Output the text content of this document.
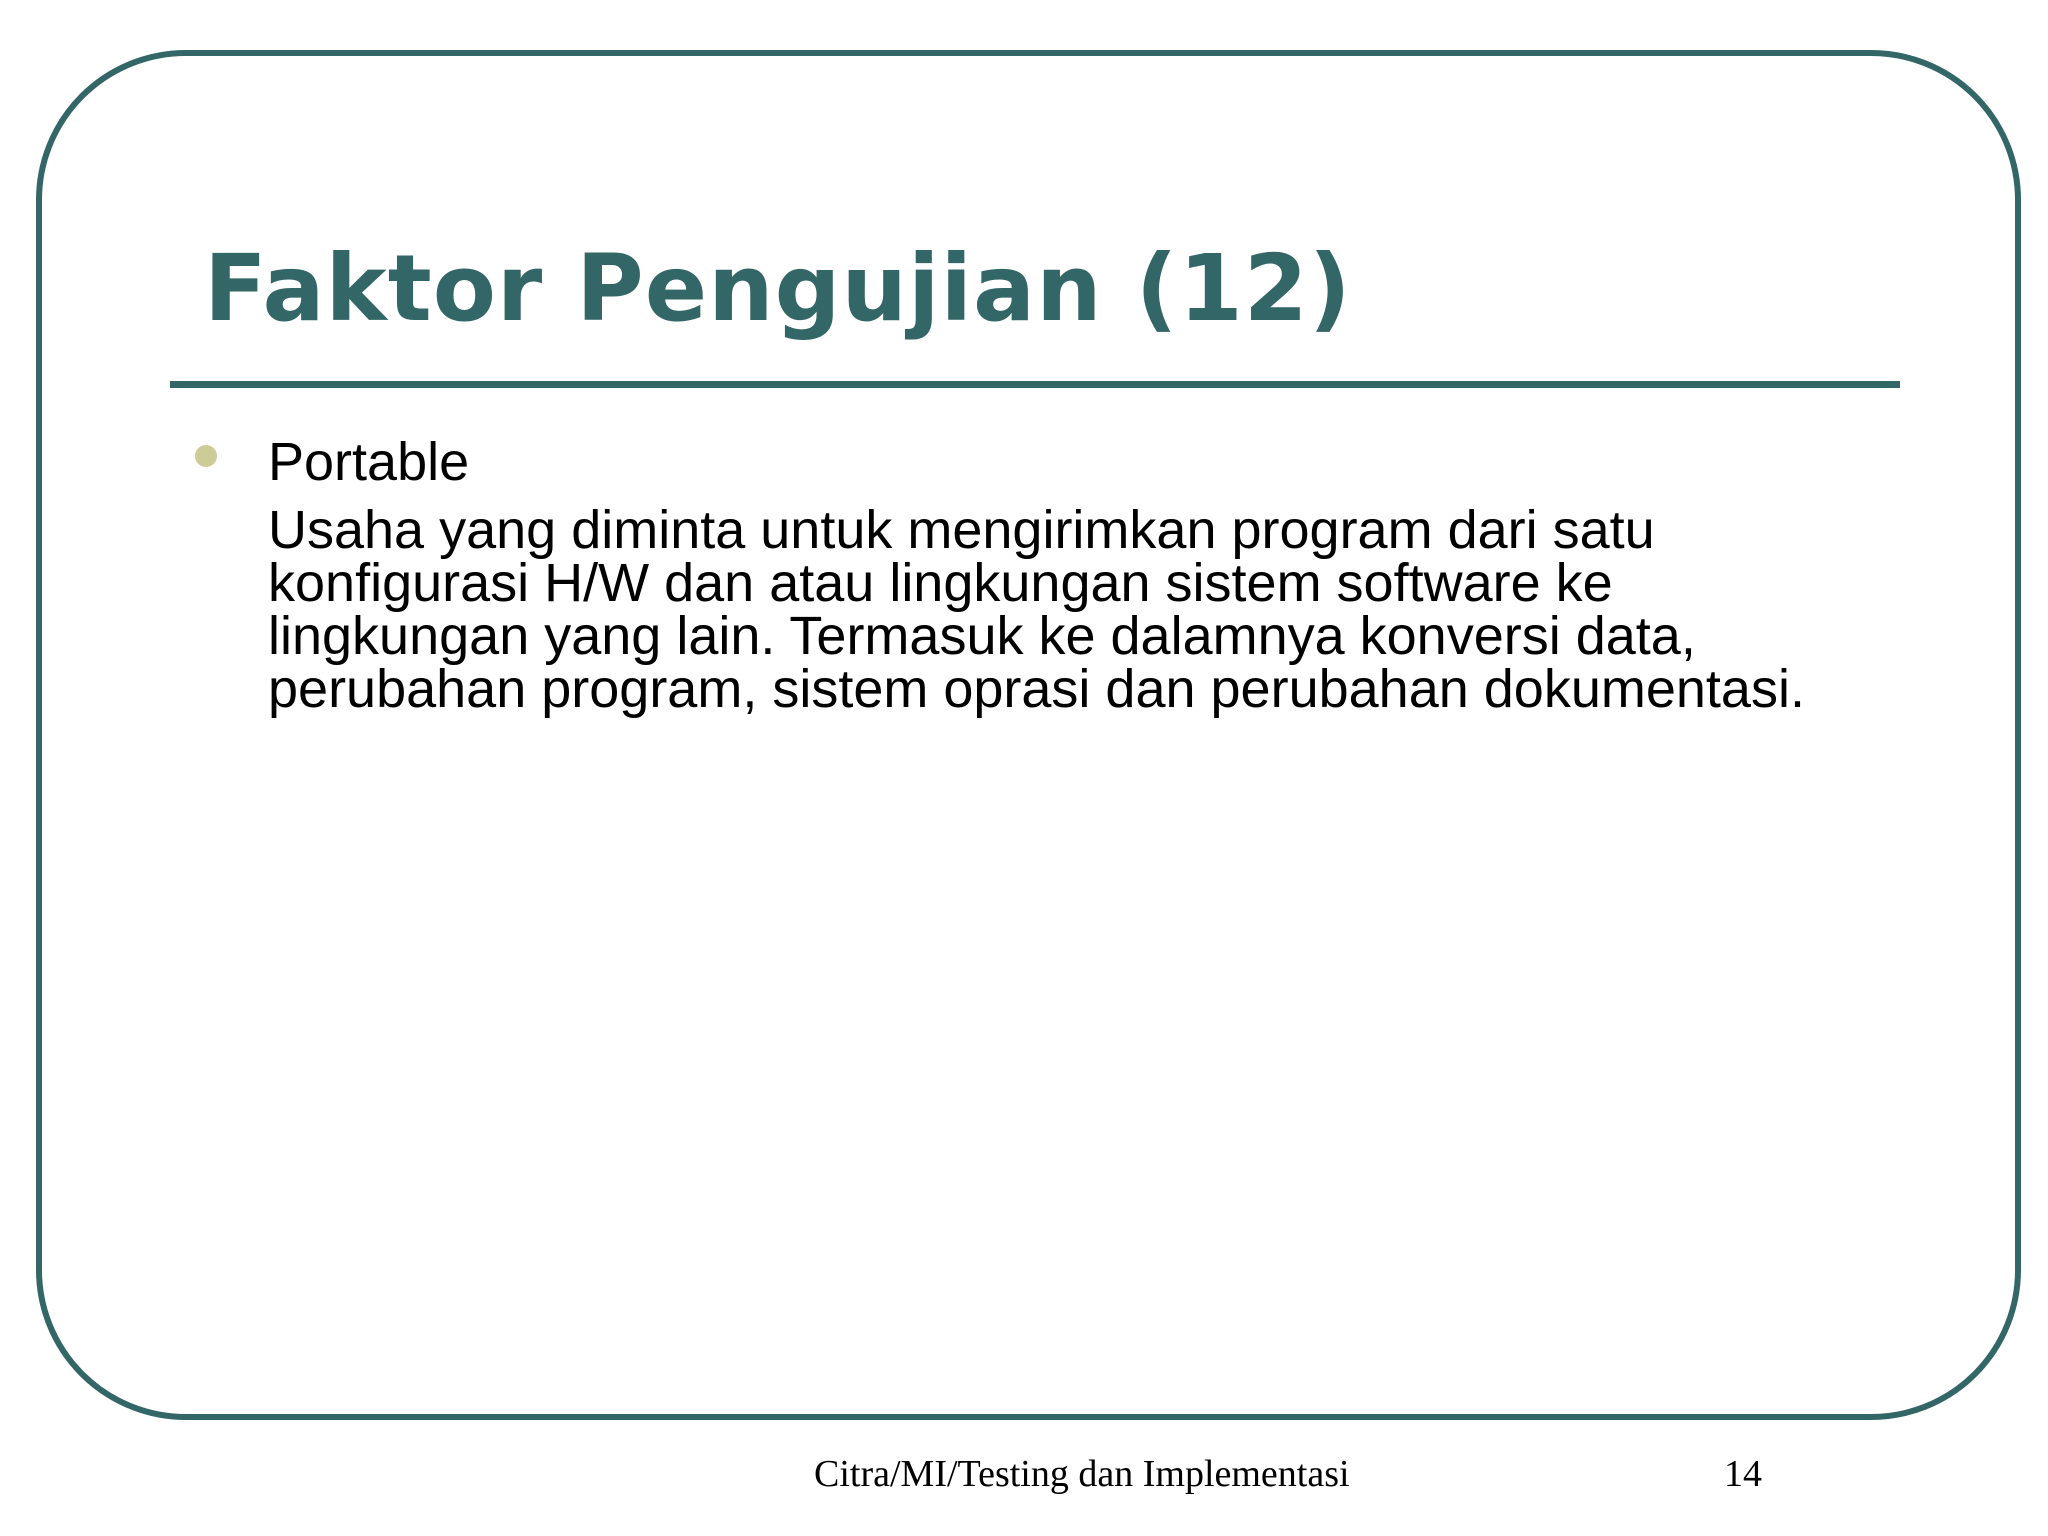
Faktor Pengujian (12)

Portable

Usaha yang diminta untuk mengirimkan program dari satu konfigurasi H/W dan atau lingkungan sistem software ke lingkungan yang lain. Termasuk ke dalamnya konversi data, perubahan program, sistem oprasi dan perubahan dokumentasi.

Citra/MI/Testing dan Implementasi	14
